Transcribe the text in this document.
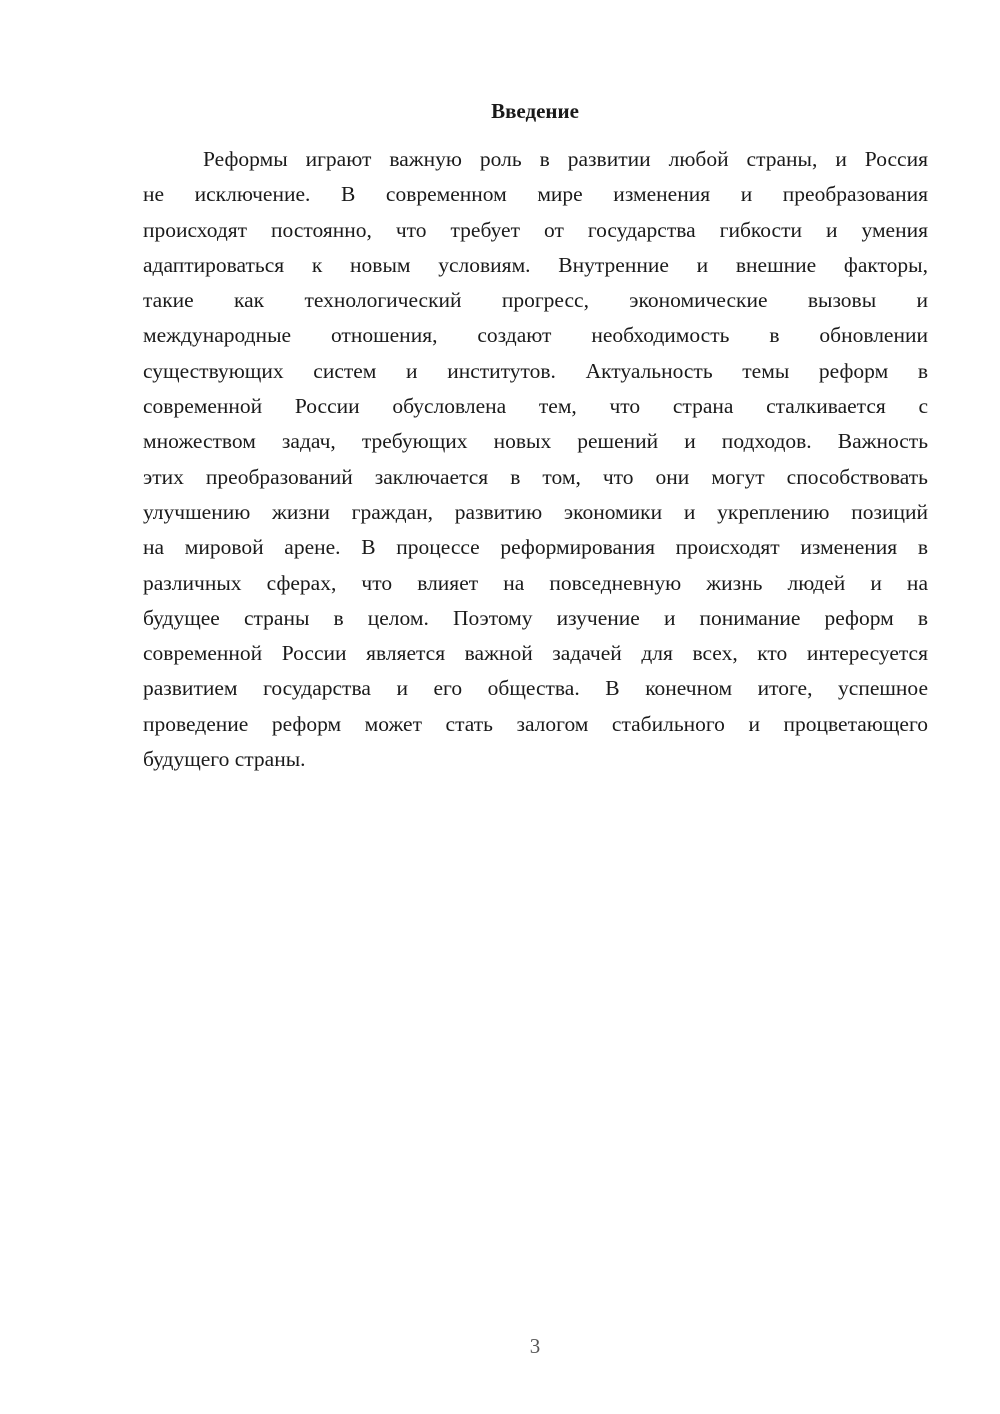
Введение
Реформы играют важную роль в развитии любой страны, и Россия
не исключение. В современном мире изменения и преобразования
происходят постоянно, что требует от государства гибкости и умения
адаптироваться к новым условиям. Внутренние и внешние факторы,
такие как технологический прогресс, экономические вызовы и
международные отношения, создают необходимость в обновлении
существующих систем и институтов. Актуальность темы реформ в
современной России обусловлена тем, что страна сталкивается с
множеством задач, требующих новых решений и подходов. Важность
этих преобразований заключается в том, что они могут способствовать
улучшению жизни граждан, развитию экономики и укреплению позиций
на мировой арене. В процессе реформирования происходят изменения в
различных сферах, что влияет на повседневную жизнь людей и на
будущее страны в целом. Поэтому изучение и понимание реформ в
современной России является важной задачей для всех, кто интересуется
развитием государства и его общества. В конечном итоге, успешное
проведение реформ может стать залогом стабильного и процветающего
будущего страны.
3
